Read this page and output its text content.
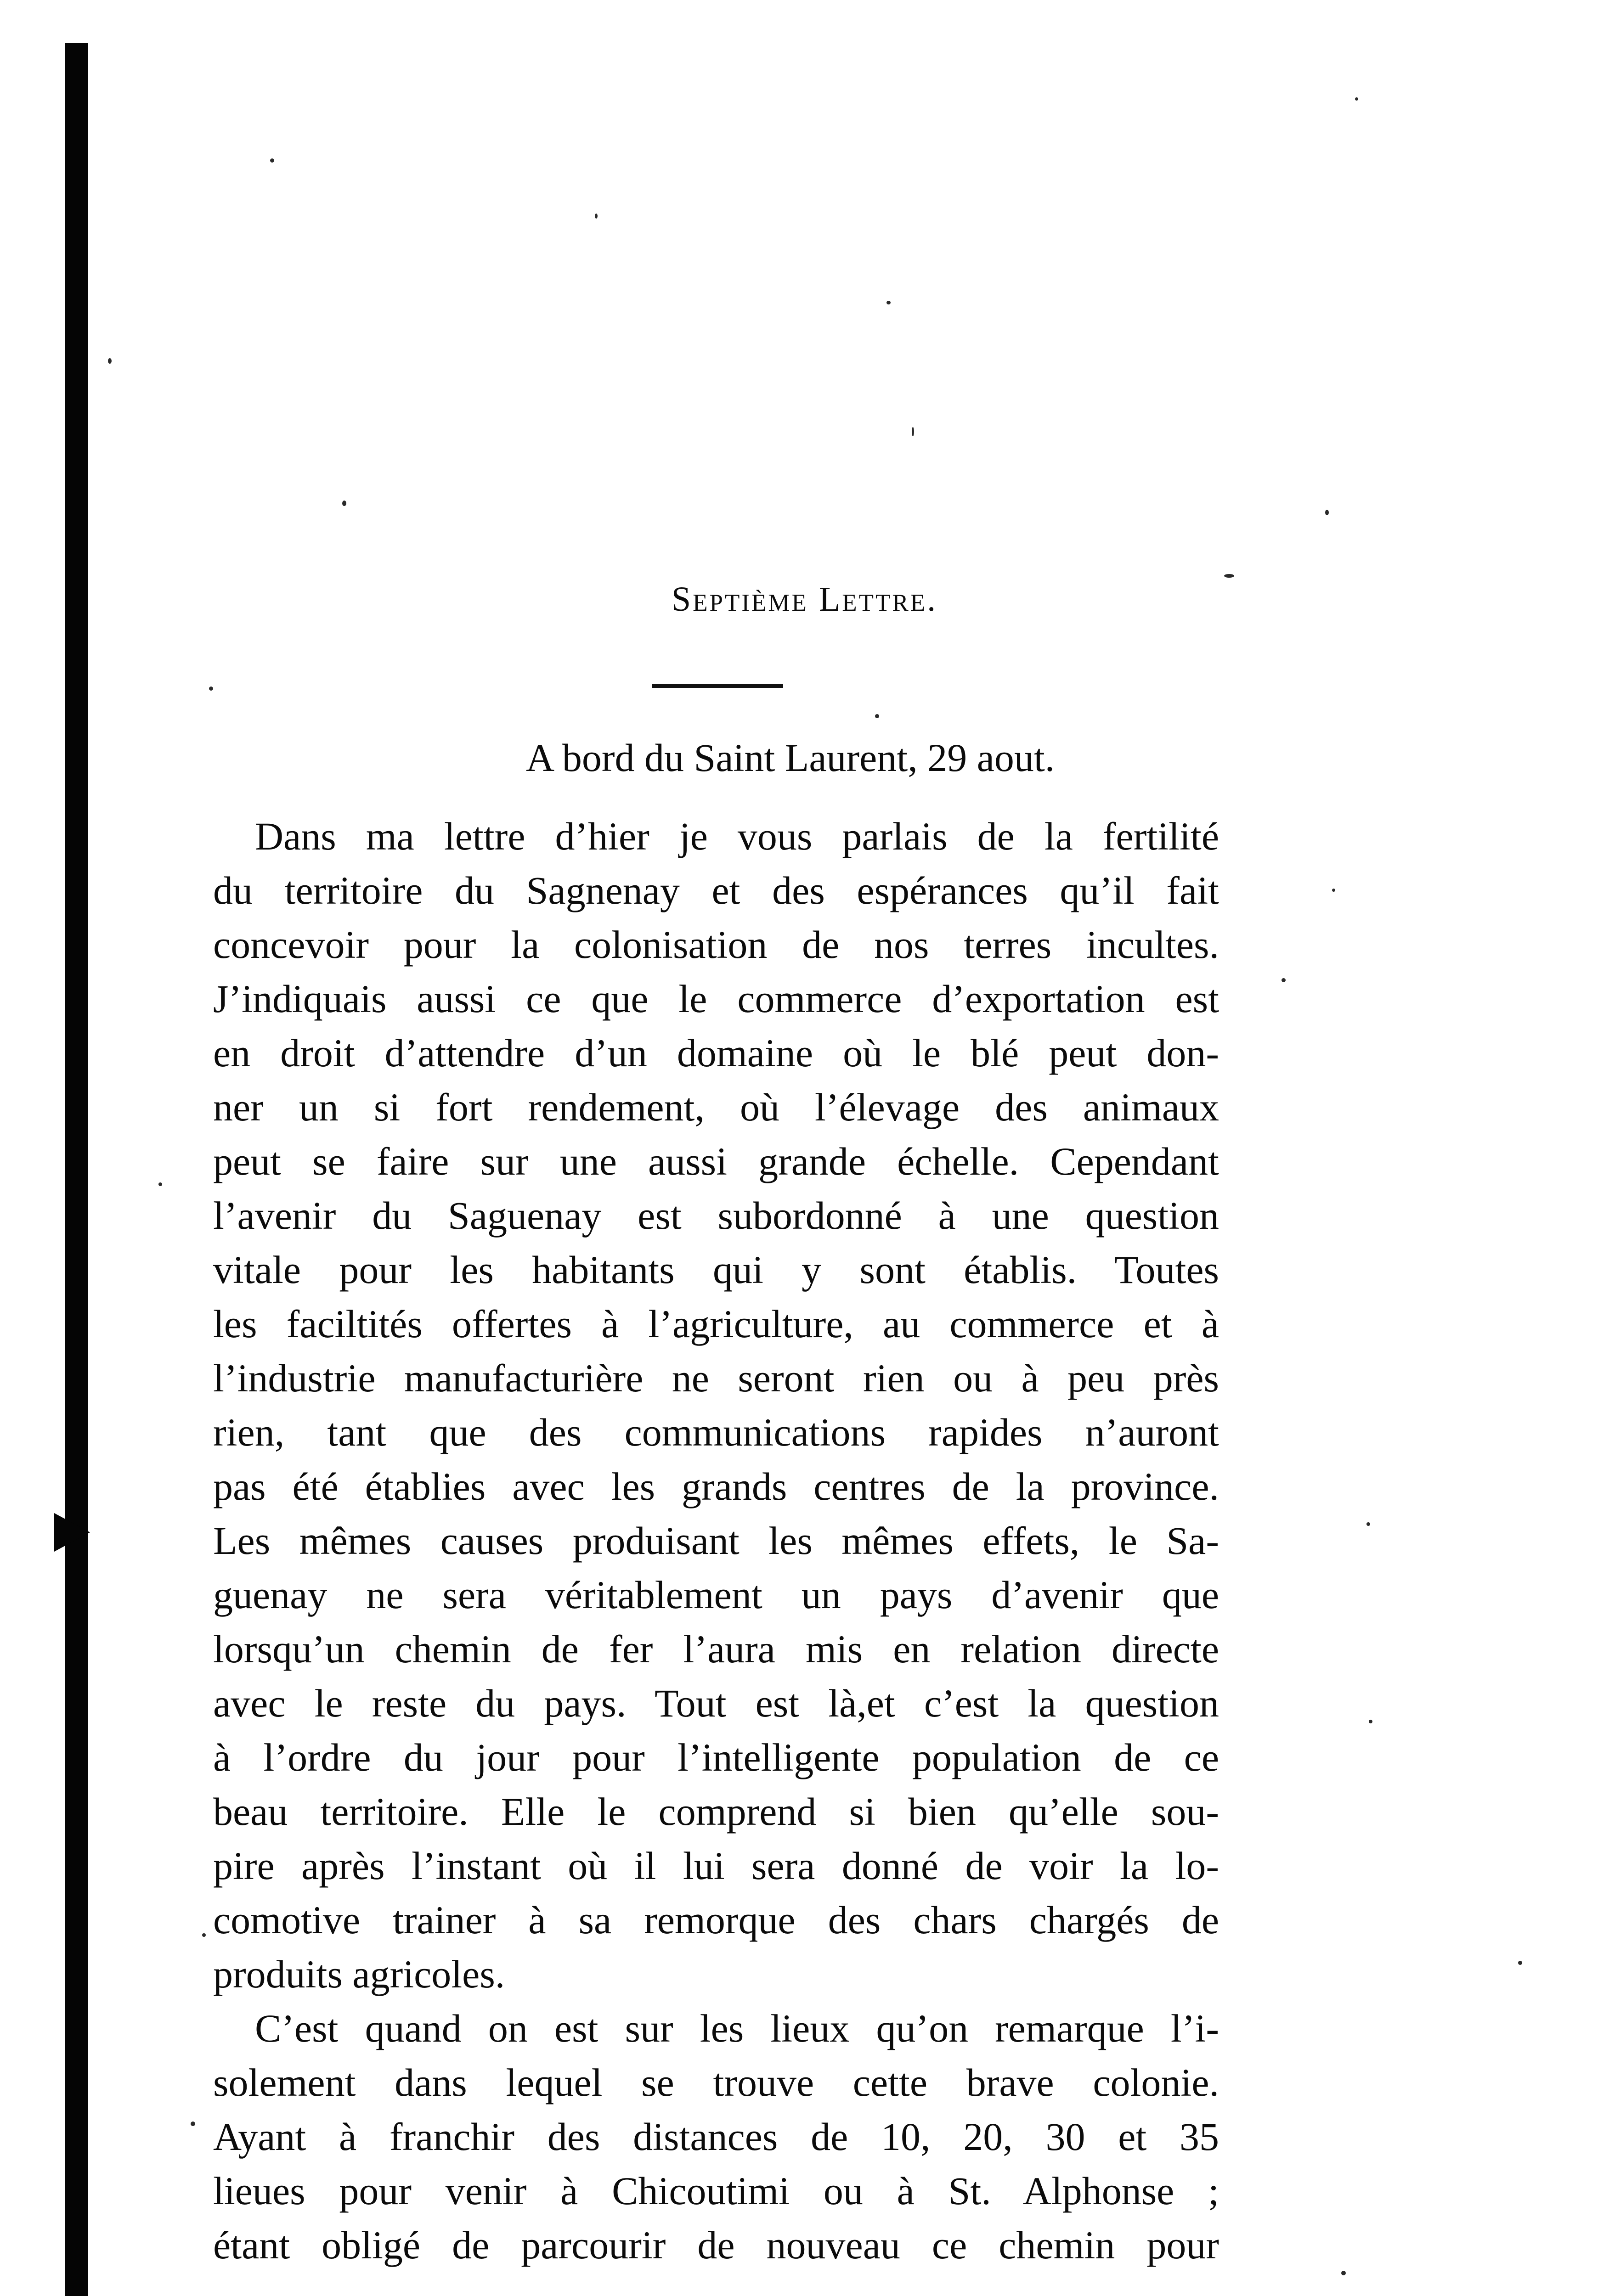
Septième Lettre.
A bord du Saint Laurent, 29 aout.
Dans ma lettre d’hier je vous parlais de la fertilité
du territoire du Sagnenay et des espérances qu’il fait
concevoir pour la colonisation de nos terres incultes.
J’indiquais aussi ce que le commerce d’exportation est
en droit d’attendre d’un domaine où le blé peut don-
ner un si fort rendement, où l’élevage des animaux
peut se faire sur une aussi grande échelle. Cependant
l’avenir du Saguenay est subordonné à une question
vitale pour les habitants qui y sont établis. Toutes
les faciltités offertes à l’agriculture, au commerce et à
l’industrie manufacturière ne seront rien ou à peu près
rien, tant que des communications rapides n’auront
pas été établies avec les grands centres de la province.
Les mêmes causes produisant les mêmes effets, le Sa-
guenay ne sera véritablement un pays d’avenir que
lorsqu’un chemin de fer l’aura mis en relation directe
avec le reste du pays. Tout est là,et c’est la question
à l’ordre du jour pour l’intelligente population de ce
beau territoire. Elle le comprend si bien qu’elle sou-
pire après l’instant où il lui sera donné de voir la lo-
comotive trainer à sa remorque des chars chargés de
produits agricoles.
C’est quand on est sur les lieux qu’on remarque l’i-
solement dans lequel se trouve cette brave colonie.
Ayant à franchir des distances de 10, 20, 30 et 35
lieues pour venir à Chicoutimi ou à St. Alphonse ;
étant obligé de parcourir de nouveau ce chemin pour
